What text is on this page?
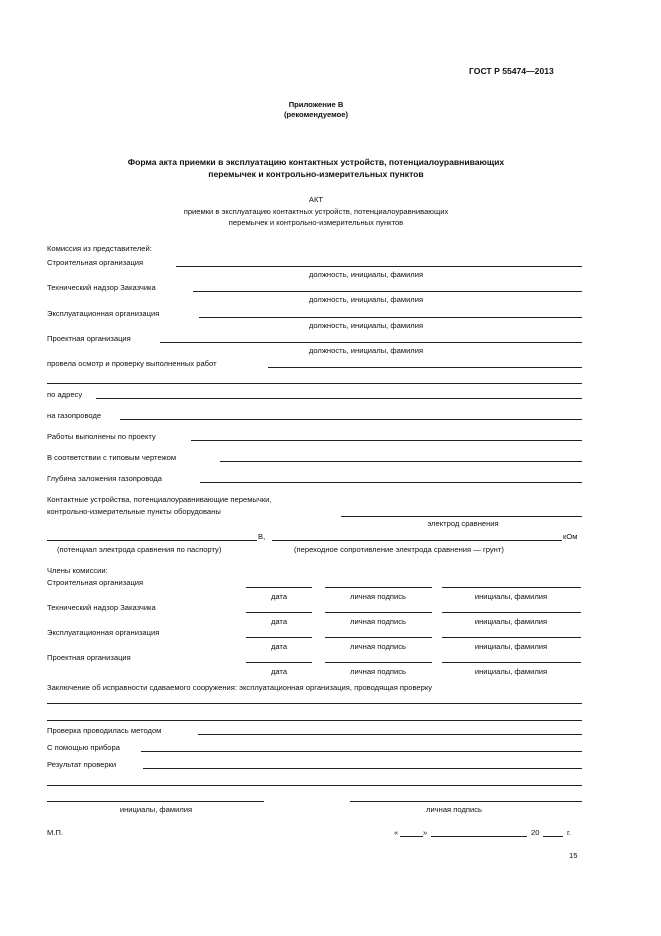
ГОСТ Р 55474—2013
Приложение В
(рекомендуемое)
Форма акта приемки в эксплуатацию контактных устройств, потенциалоуравнивающих
перемычек и контрольно-измерительных пунктов
АКТ
приемки в эксплуатацию контактных устройств, потенциалоуравнивающих
перемычек и контрольно-измерительных пунктов
Комиссия из представителей:
Строительная организация
должность, инициалы, фамилия
Технический надзор Заказчика
должность, инициалы, фамилия
Эксплуатационная организация
должность, инициалы, фамилия
Проектная организация
должность, инициалы, фамилия
провела осмотр и проверку выполненных работ
по адресу
на газопроводе
Работы выполнены по проекту
В соответствии с типовым чертежом
Глубина заложения газопровода
Контактные устройства, потенциалоуравнивающие перемычки,
контрольно-измерительные пункты оборудованы
электрод сравнения
В,	кОм
(потенциал электрода сравнения по паспорту)	(переходное сопротивление электрода сравнения — грунт)
Члены комиссии:
Строительная организация
дата	личная подпись	инициалы, фамилия
Технический надзор Заказчика
дата	личная подпись	инициалы, фамилия
Эксплуатационная организация
дата	личная подпись	инициалы, фамилия
Проектная организация
дата	личная подпись	инициалы, фамилия
Заключение об исправности сдаваемого сооружения: эксплуатационная организация, проводящая проверку
Проверка проводилась методом
С помощью прибора
Результат проверки
инициалы, фамилия	личная подпись
М.П.	«	»	20	г.
15
